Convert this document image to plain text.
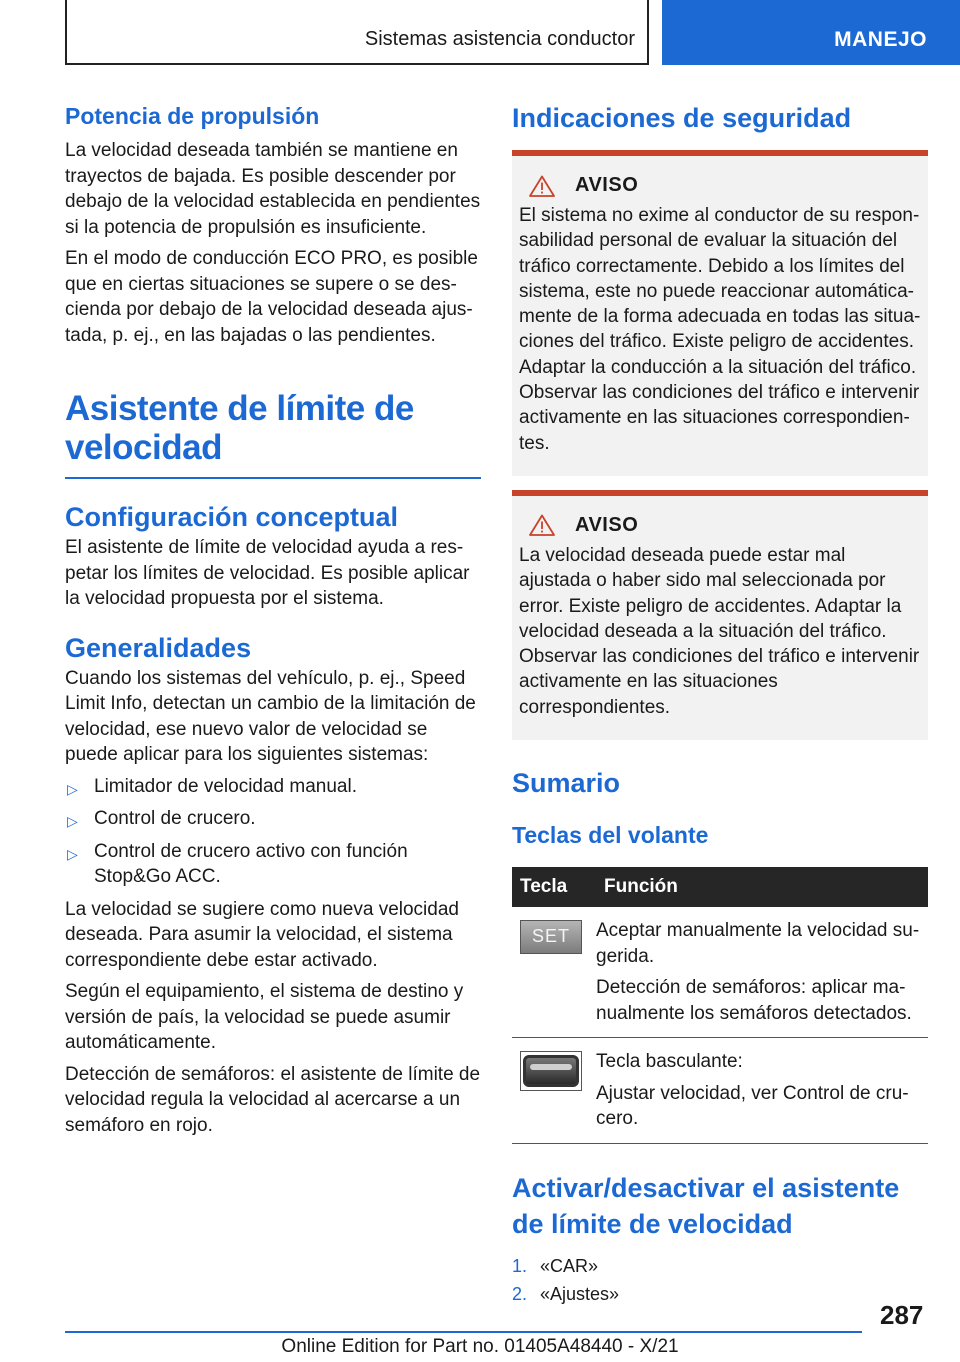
Sistemas asistencia conductor	MANEJO
Potencia de propulsión

La velocidad deseada también se mantiene en trayectos de bajada. Es posible descender por debajo de la velocidad establecida en pendientes si la potencia de propulsión es insuficiente.

En el modo de conducción ECO PRO, es posible que en ciertas situaciones se supere o se descienda por debajo de la velocidad deseada ajustada, p. ej., en las bajadas o las pendientes.

Asistente de límite de velocidad
Configuración conceptual

El asistente de límite de velocidad ayuda a respetar los límites de velocidad. Es posible aplicar la velocidad propuesta por el sistema.

Generalidades

Cuando los sistemas del vehículo, p. ej., Speed Limit Info, detectan un cambio de la limitación de velocidad, ese nuevo valor de velocidad se puede aplicar para los siguientes sistemas:

▷ Limitador de velocidad manual.
▷ Control de crucero.
▷ Control de crucero activo con función Stop&Go ACC.

La velocidad se sugiere como nueva velocidad deseada. Para asumir la velocidad, el sistema correspondiente debe estar activado.

Según el equipamiento, el sistema de destino y versión de país, la velocidad se puede asumir automáticamente.

Detección de semáforos: el asistente de límite de velocidad regula la velocidad al acercarse a un semáforo en rojo.

Indicaciones de seguridad
AVISO

El sistema no exime al conductor de su responsabilidad personal de evaluar la situación del tráfico correctamente. Debido a los límites del sistema, este no puede reaccionar automáticamente de la forma adecuada en todas las situaciones del tráfico. Existe peligro de accidentes. Adaptar la conducción a la situación del tráfico. Observar las condiciones del tráfico e intervenir activamente en las situaciones correspondientes.

AVISO

La velocidad deseada puede estar mal ajustada o haber sido mal seleccionada por error. Existe peligro de accidentes. Adaptar la velocidad deseada a la situación del tráfico. Observar las condiciones del tráfico e intervenir activamente en las situaciones correspondientes.

Sumario
Teclas del volante
Tecla	Función

SET	Aceptar manualmente la velocidad sugerida.

Detección de semáforos: aplicar manualmente los semáforos detectados.

	Tecla basculante:

Ajustar velocidad, ver Control de crucero.

Activar/desactivar el asistente de límite de velocidad
1. «CAR»
2. «Ajustes»
287
Online Edition for Part no. 01405A48440 - X/21
